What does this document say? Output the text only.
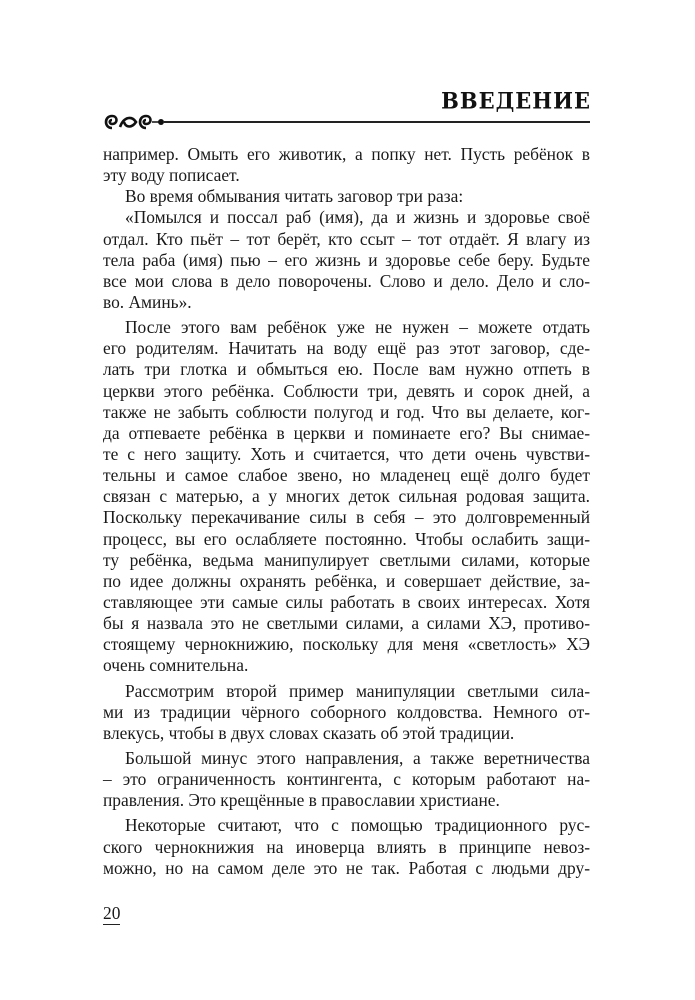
ВВЕДЕНИЕ
например. Омыть его животик, а попку нет. Пусть ребёнок в
эту воду пописает.
Во время обмывания читать заговор три раза:
«Помылся и поссал раб (имя), да и жизнь и здоровье своё
отдал. Кто пьёт – тот берёт, кто ссыт – тот отдаёт. Я влагу из
тела раба (имя) пью – его жизнь и здоровье себе беру. Будьте
все мои слова в дело поворочены. Слово и дело. Дело и сло-
во. Аминь».
После этого вам ребёнок уже не нужен – можете отдать
его родителям. Начитать на воду ещё раз этот заговор, сде-
лать три глотка и обмыться ею. После вам нужно отпеть в
церкви этого ребёнка. Соблюсти три, девять и сорок дней, а
также не забыть соблюсти полугод и год. Что вы делаете, ког-
да отпеваете ребёнка в церкви и поминаете его? Вы снимае-
те с него защиту. Хоть и считается, что дети очень чувстви-
тельны и самое слабое звено, но младенец ещё долго будет
связан с матерью, а у многих деток сильная родовая защита.
Поскольку перекачивание силы в себя – это долговременный
процесс, вы его ослабляете постоянно. Чтобы ослабить защи-
ту ребёнка, ведьма манипулирует светлыми силами, которые
по идее должны охранять ребёнка, и совершает действие, за-
ставляющее эти самые силы работать в своих интересах. Хотя
бы я назвала это не светлыми силами, а силами ХЭ, противо-
стоящему чернокнижию, поскольку для меня «светлость» ХЭ
очень сомнительна.
Рассмотрим второй пример манипуляции светлыми сила-
ми из традиции чёрного соборного колдовства. Немного от-
влекусь, чтобы в двух словах сказать об этой традиции.
Большой минус этого направления, а также веретничества
– это ограниченность контингента, с которым работают на-
правления. Это крещённые в православии христиане.
Некоторые считают, что с помощью традиционного рус-
ского чернокнижия на иноверца влиять в принципе невоз-
можно, но на самом деле это не так. Работая с людьми дру-
20
